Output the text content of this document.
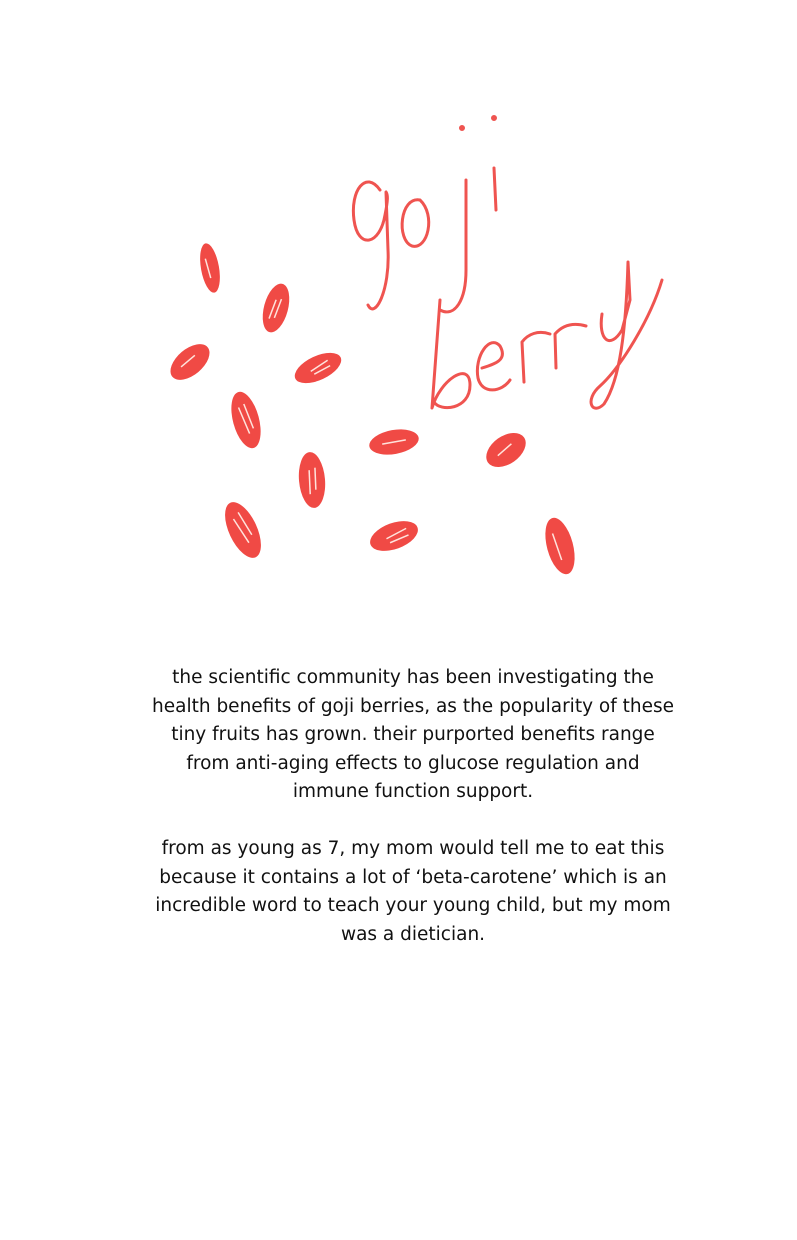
the scientific community has been investigating the health benefits of goji berries, as the popularity of these tiny fruits has grown. their purported benefits range from anti-aging effects to glucose regulation and immune function support.

from as young as 7, my mom would tell me to eat this because it contains a lot of ‘beta-carotene’ which is an incredible word to teach your young child, but my mom was a dietician.
